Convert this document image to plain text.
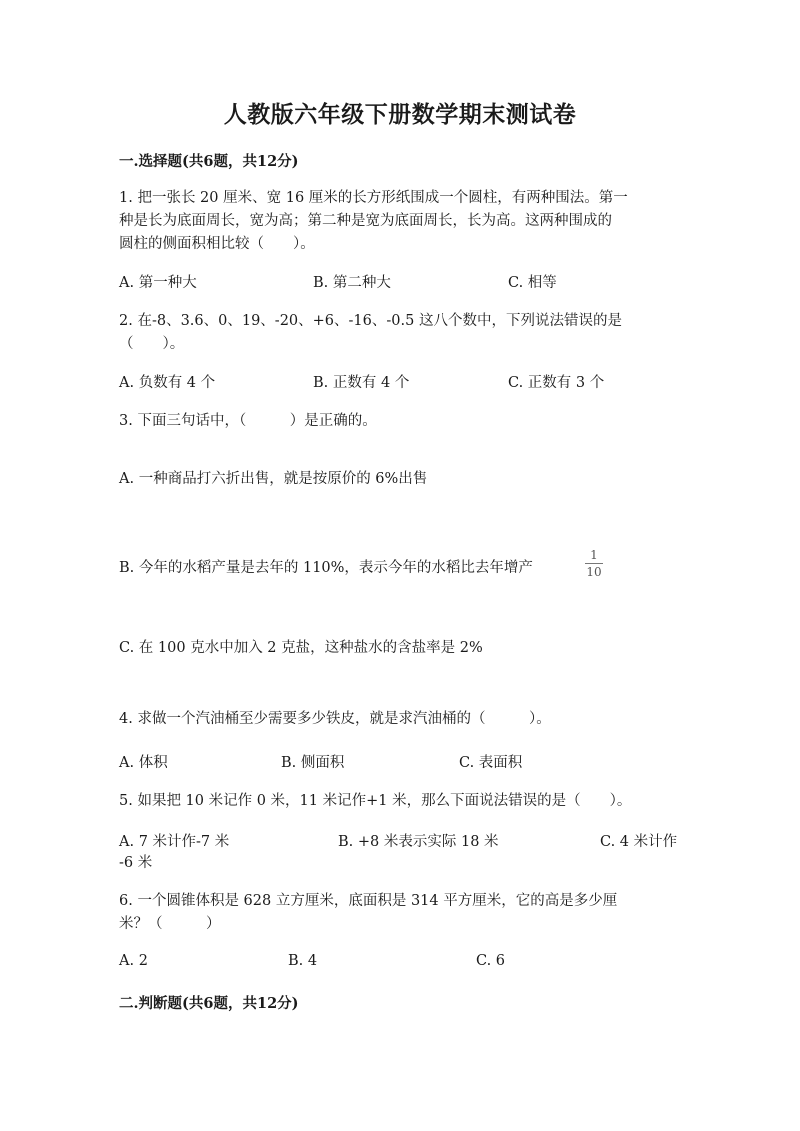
人教版六年级下册数学期末测试卷
一.选择题(共6题，共12分)
1. 把一张长 20 厘米、宽 16 厘米的长方形纸围成一个圆柱，有两种围法。第一
种是长为底面周长，宽为高；第二种是宽为底面周长，长为高。这两种围成的
圆柱的侧面积相比较（　　）。
A. 第一种大	B. 第二种大	C. 相等
2. 在-8、3.6、0、19、-20、+6、-16、-0.5 这八个数中，下列说法错误的是
（　　）。
A. 负数有 4 个	B. 正数有 4 个	C. 正数有 3 个
3. 下面三句话中，（　　　）是正确的。
A. 一种商品打六折出售，就是按原价的 6%出售
B. 今年的水稻产量是去年的 110%，表示今年的水稻比去年增产
1
10
C. 在 100 克水中加入 2 克盐，这种盐水的含盐率是 2%
4. 求做一个汽油桶至少需要多少铁皮，就是求汽油桶的（　　　）。
A. 体积	B. 侧面积	C. 表面积
5. 如果把 10 米记作 0 米，11 米记作+1 米，那么下面说法错误的是（　　）。
A. 7 米计作-7 米	B. +8 米表示实际 18 米	C. 4 米计作
-6 米
6. 一个圆锥体积是 628 立方厘米，底面积是 314 平方厘米，它的高是多少厘
米？（　　　）
A. 2	B. 4	C. 6
二.判断题(共6题，共12分)
